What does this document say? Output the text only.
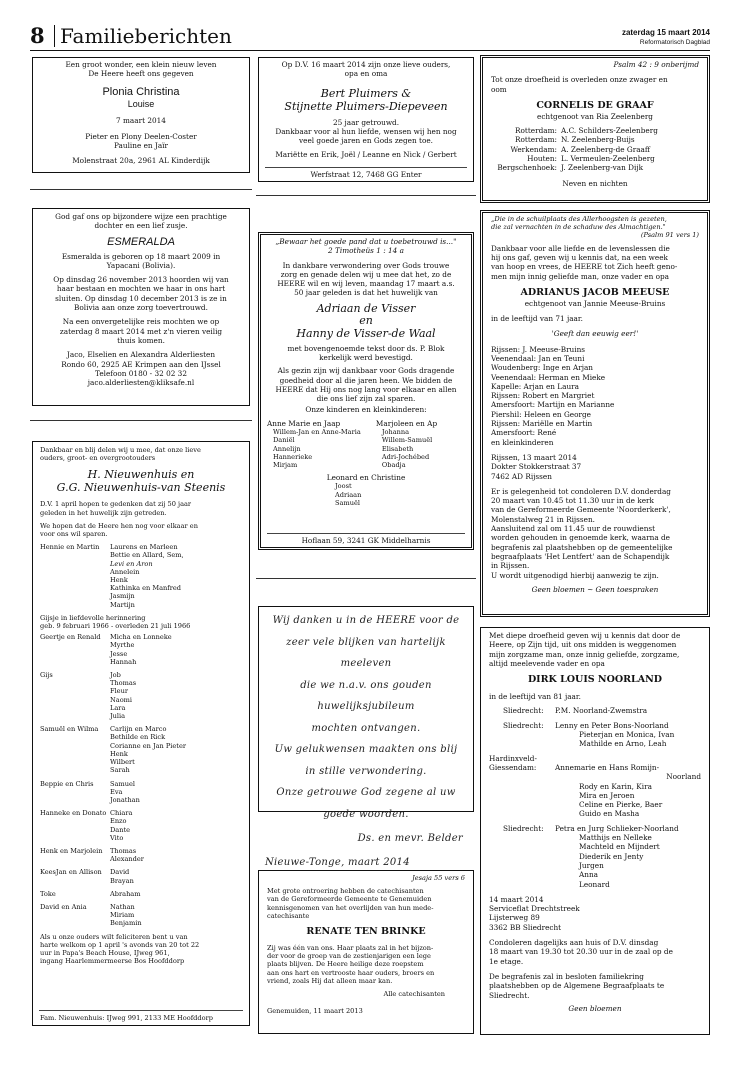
8 Familieberichten	zaterdag 15 maart 2014
Reformatorisch Dagblad
Een groot wonder, een klein nieuw leven
De Heere heeft ons gegeven
Plonia Christina
Louise
7 maart 2014
Pieter en Plony Deelen-Coster
Pauline en Jaïr
Molenstraat 20a, 2961 AL Kinderdijk
God gaf ons op bijzondere wijze een prachtige
dochter en een lief zusje.
ESMERALDA
Esmeralda is geboren op 18 maart 2009 in
Yapacani (Bolivia).
Op dinsdag 26 november 2013 hoorden wij van
haar bestaan en mochten we haar in ons hart
sluiten. Op dinsdag 10 december 2013 is ze in
Bolivia aan onze zorg toevertrouwd.
Na een onvergetelijke reis mochten we op
zaterdag 8 maart 2014 met z'n vieren veilig
thuis komen.
Jaco, Elselien en Alexandra Alderliesten
Rondo 60, 2925 AE Krimpen aan den IJssel
Telefoon 0180 - 32 02 32
jaco.alderliesten@kliksafe.nl
Dankbaar en blij delen wij u mee, dat onze lieve
ouders, groot- en overgrootouders
H. Nieuwenhuis en
G.G. Nieuwenhuis-van Steenis
D.V. 1 april hopen te gedenken dat zij 50 jaar
geleden in het huwelijk zijn getreden.
We hopen dat de Heere hen nog voor elkaar en
voor ons wil sparen.
Hennie en Martin	Laurens en Marleen
Bettie en Allard, Sem,
Levi en Aron
Annelein
Henk
Kathinka en Manfred
Jasmijn
Martijn
Gijsje in liefdevolle herinnering
geb. 9 februari 1966 - overleden 21 juli 1966
Geertje en Renald	Micha en Lonneke
Myrthe
Jesse
Hannah
Gijs	Job
Thomas
Fleur
Naomi
Lara
Julia
Samuël en Wilma	Carlijn en Marco
Bethilde en Rick
Corianne en Jan Pieter
Henk
Wilbert
Sarah
Beppie en Chris	Samuel
Eva
Jonathan
Hanneke en Donato Chiara
Enzo
Dante
Vito
Henk en Marjolein	Thomas
Alexander
KeesJan en Allison	David
Brayan
Toke	Abraham
David en Ania	Nathan
Miriam
Benjamin
Als u onze ouders wilt feliciteren bent u van
harte welkom op 1 april 's avonds van 20 tot 22
uur in Papa's Beach House, IJweg 961,
ingang Haarlemmermeerse Bos Hoofddorp
Fam. Nieuwenhuis: IJweg 991, 2133 ME Hoofddorp
Op D.V. 16 maart 2014 zijn onze lieve ouders,
opa en oma
Bert Pluimers &
Stijnette Pluimers-Diepeveen
25 jaar getrouwd.
Dankbaar voor al hun liefde, wensen wij hen nog
veel goede jaren en Gods zegen toe.
Mariëtte en Erik, Joël / Leanne en Nick / Gerbert
Werfstraat 12, 7468 GG Enter
„Bewaar het goede pand dat u toebetrouwd is..."
2 Timotheüs 1 : 14 a
In dankbare verwondering over Gods trouwe
zorg en genade delen wij u mee dat het, zo de
HEERE wil en wij leven, maandag 17 maart a.s.
50 jaar geleden is dat het huwelijk van
Adriaan de Visser
en
Hanny de Visser-de Waal
met bovengenoemde tekst door ds. P. Blok
kerkelijk werd bevestigd.
Als gezin zijn wij dankbaar voor Gods dragende
goedheid door al die jaren heen. We bidden de
HEERE dat Hij ons nog lang voor elkaar en allen
die ons lief zijn zal sparen.
Onze kinderen en kleinkinderen:
Anne Marie en Jaap
Willem-Jan en Anne-Maria
Daniël
Annelijn
Hannerieke
Mirjam
Marjoleen en Ap
Johanna
Willem-Samuël
Elisabeth
Adri-Jochébed
Obadja
Leonard en Christine
Joost
Adriaan
Samuël
Hoflaan 59, 3241 GK Middelharnis
Wij danken u in de HEERE voor de
zeer vele blijken van hartelijk meeleven
die we n.a.v. ons gouden huwelijksjubileum
mochten ontvangen.
Uw gelukwensen maakten ons blij
in stille verwondering.
Onze getrouwe God zegene al uw
goede woorden.
Ds. en mevr. Belder
Nieuwe-Tonge, maart 2014
Jesaja 55 vers 6
Met grote ontroering hebben de catechisanten
van de Gereformeerde Gemeente te Genemuiden
kennisgenomen van het overlijden van hun mede-
catechisante
RENATE TEN BRINKE
Zij was één van ons. Haar plaats zal in het bijzon-
der voor de groep van de zestienjarigen een lege
plaats blijven. De Heere heilige deze roepstem
aan ons hart en vertrooste haar ouders, broers en
vriend, zoals Hij dat alleen maar kan.
Alle catechisanten
Genemuiden, 11 maart 2013
Psalm 42 : 9 onberijmd
Tot onze droefheid is overleden onze zwager en
oom
CORNELIS DE GRAAF
echtgenoot van Ria Zeelenberg
Rotterdam: A.C. Schilders-Zeelenberg
Rotterdam: N. Zeelenberg-Buijs
Werkendam: A. Zeelenberg-de Graaff
Houten: L. Vermeulen-Zeelenberg
Bergschenhoek: J. Zeelenberg-van Dijk
Neven en nichten
„Die in de schuilplaats des Allerhoogsten is gezeten,
die zal vernachten in de schaduw des Almachtigen."
(Psalm 91 vers 1)
Dankbaar voor alle liefde en de levenslessen die
hij ons gaf, geven wij u kennis dat, na een week
van hoop en vrees, de HEERE tot Zich heeft geno-
men mijn innig geliefde man, onze vader en opa
ADRIANUS JACOB MEEUSE
echtgenoot van Jannie Meeuse-Bruins
in de leeftijd van 71 jaar.
'Geeft dan eeuwig eer!'
Rijssen: J. Meeuse-Bruins
Veenendaal: Jan en Teuni
Woudenberg: Inge en Arjan
Veenendaal: Herman en Mieke
Kapelle: Arjan en Laura
Rijssen: Robert en Margriet
Amersfoort: Martijn en Marianne
Piershil: Heleen en George
Rijssen: Mariëlle en Martin
Amersfoort: René
en kleinkinderen
Rijssen, 13 maart 2014
Dokter Stokkerstraat 37
7462 AD Rijssen
Er is gelegenheid tot condoleren D.V. donderdag
20 maart van 10.45 tot 11.30 uur in de kerk
van de Gereformeerde Gemeente 'Noorderkerk',
Molenstalweg 21 in Rijssen.
Aansluitend zal om 11.45 uur de rouwdienst
worden gehouden in genoemde kerk, waarna de
begrafenis zal plaatshebben op de gemeentelijke
begraafplaats 'Het Lentfert' aan de Schapendijk
in Rijssen.
U wordt uitgenodigd hierbij aanwezig te zijn.
Geen bloemen ~ Geen toespraken
Met diepe droefheid geven wij u kennis dat door de
Heere, op Zijn tijd, uit ons midden is weggenomen
mijn zorgzame man, onze innig geliefde, zorgzame,
altijd meelevende vader en opa
DIRK LOUIS NOORLAND
in de leeftijd van 81 jaar.
Sliedrecht:	P.M. Noorland-Zwemstra
Sliedrecht:	Lenny en Peter Bons-Noorland
Pieterjan en Monica, Ivan
Mathilde en Arno, Leah
Hardinxveld-
Giessendam:	Annemarie en Hans Romijn-
Noorland
Rody en Karin, Kira
Mira en Jeroen
Celine en Pierke, Baer
Guido en Masha
Sliedrecht:	Petra en Jurg Schlieker-Noorland
Matthijs en Nelleke
Machteld en Mijndert
Diederik en Jenty
Jurgen
Anna
Leonard
14 maart 2014
Serviceflat Drechtstreek
Lijsterweg 89
3362 BB Sliedrecht
Condoleren dagelijks aan huis of D.V. dinsdag
18 maart van 19.30 tot 20.30 uur in de zaal op de
1e etage.
De begrafenis zal in besloten familiekring
plaatshebben op de Algemene Begraafplaats te
Sliedrecht.
Geen bloemen
